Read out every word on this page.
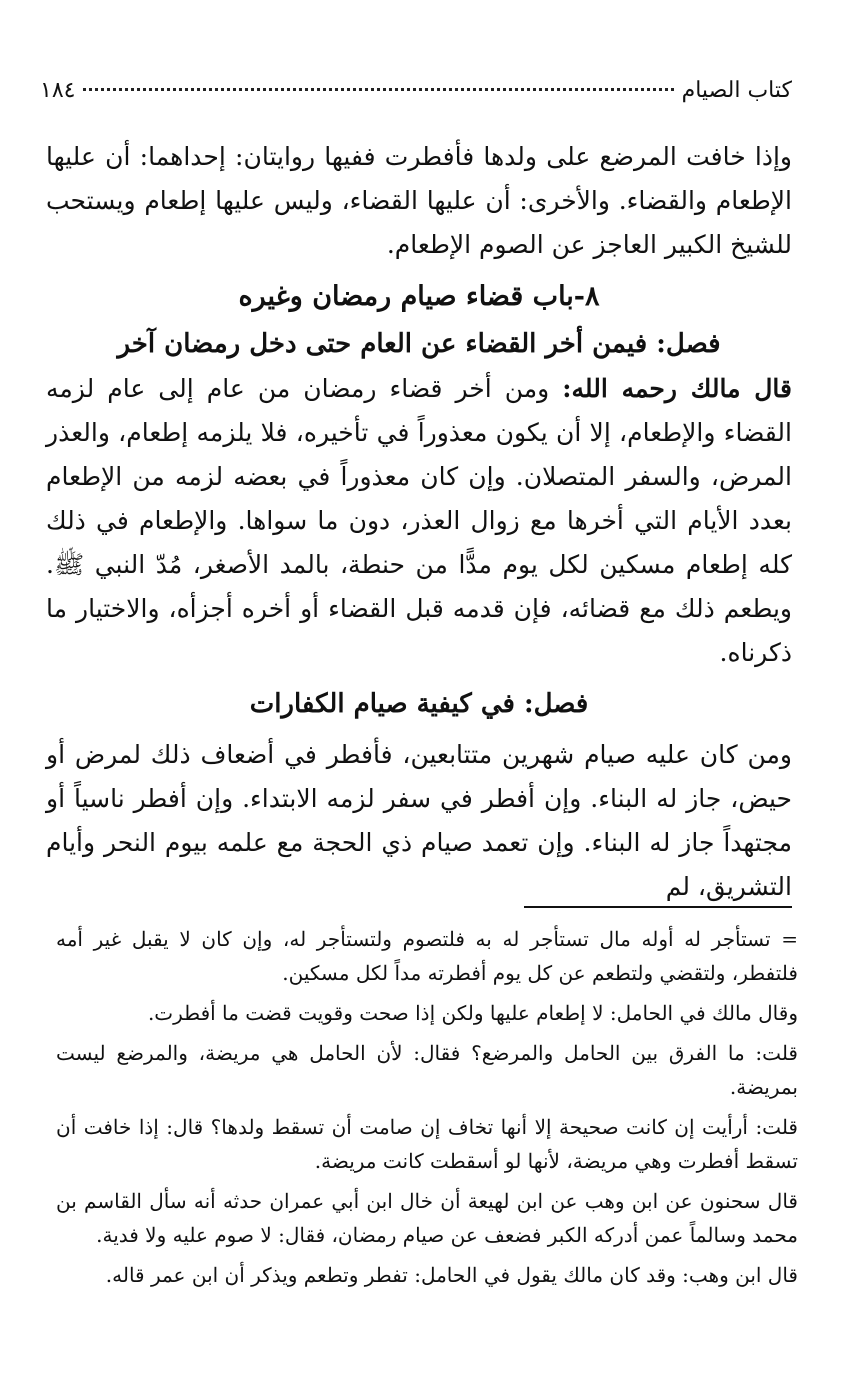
كتاب الصيام
١٨٤

وإذا خافت المرضع على ولدها فأفطرت ففيها روايتان: إحداهما: أن عليها الإطعام والقضاء. والأخرى: أن عليها القضاء، وليس عليها إطعام ويستحب للشيخ الكبير العاجز عن الصوم الإطعام.

٨-باب قضاء صيام رمضان وغيره
فصل: فيمن أخر القضاء عن العام حتى دخل رمضان آخر

قال مالك رحمه الله: ومن أخر قضاء رمضان من عام إلى عام لزمه القضاء والإطعام، إلا أن يكون معذوراً في تأخيره، فلا يلزمه إطعام، والعذر المرض، والسفر المتصلان. وإن كان معذوراً في بعضه لزمه من الإطعام بعدد الأيام التي أخرها مع زوال العذر، دون ما سواها. والإطعام في ذلك كله إطعام مسكين لكل يوم مدًّا من حنطة، بالمد الأصغر، مُدّ النبي ﷺ. ويطعم ذلك مع قضائه، فإن قدمه قبل القضاء أو أخره أجزأه، والاختيار ما ذكرناه.

فصل: في كيفية صيام الكفارات

ومن كان عليه صيام شهرين متتابعين، فأفطر في أضعاف ذلك لمرض أو حيض، جاز له البناء. وإن أفطر في سفر لزمه الابتداء. وإن أفطر ناسياً أو مجتهداً جاز له البناء. وإن تعمد صيام ذي الحجة مع علمه بيوم النحر وأيام التشريق، لم

= تستأجر له أوله مال تستأجر له به فلتصوم ولتستأجر له، وإن كان لا يقبل غير أمه فلتفطر، ولتقضي ولتطعم عن كل يوم أفطرته مداً لكل مسكين.

وقال مالك في الحامل: لا إطعام عليها ولكن إذا صحت وقويت قضت ما أفطرت.

قلت: ما الفرق بين الحامل والمرضع؟ فقال: لأن الحامل هي مريضة، والمرضع ليست بمريضة.

قلت: أرأيت إن كانت صحيحة إلا أنها تخاف إن صامت أن تسقط ولدها؟ قال: إذا خافت أن تسقط أفطرت وهي مريضة، لأنها لو أسقطت كانت مريضة.

قال سحنون عن ابن وهب عن ابن لهيعة أن خال ابن أبي عمران حدثه أنه سأل القاسم بن محمد وسالماً عمن أدركه الكبر فضعف عن صيام رمضان، فقال: لا صوم عليه ولا فدية.

قال ابن وهب: وقد كان مالك يقول في الحامل: تفطر وتطعم ويذكر أن ابن عمر قاله.
